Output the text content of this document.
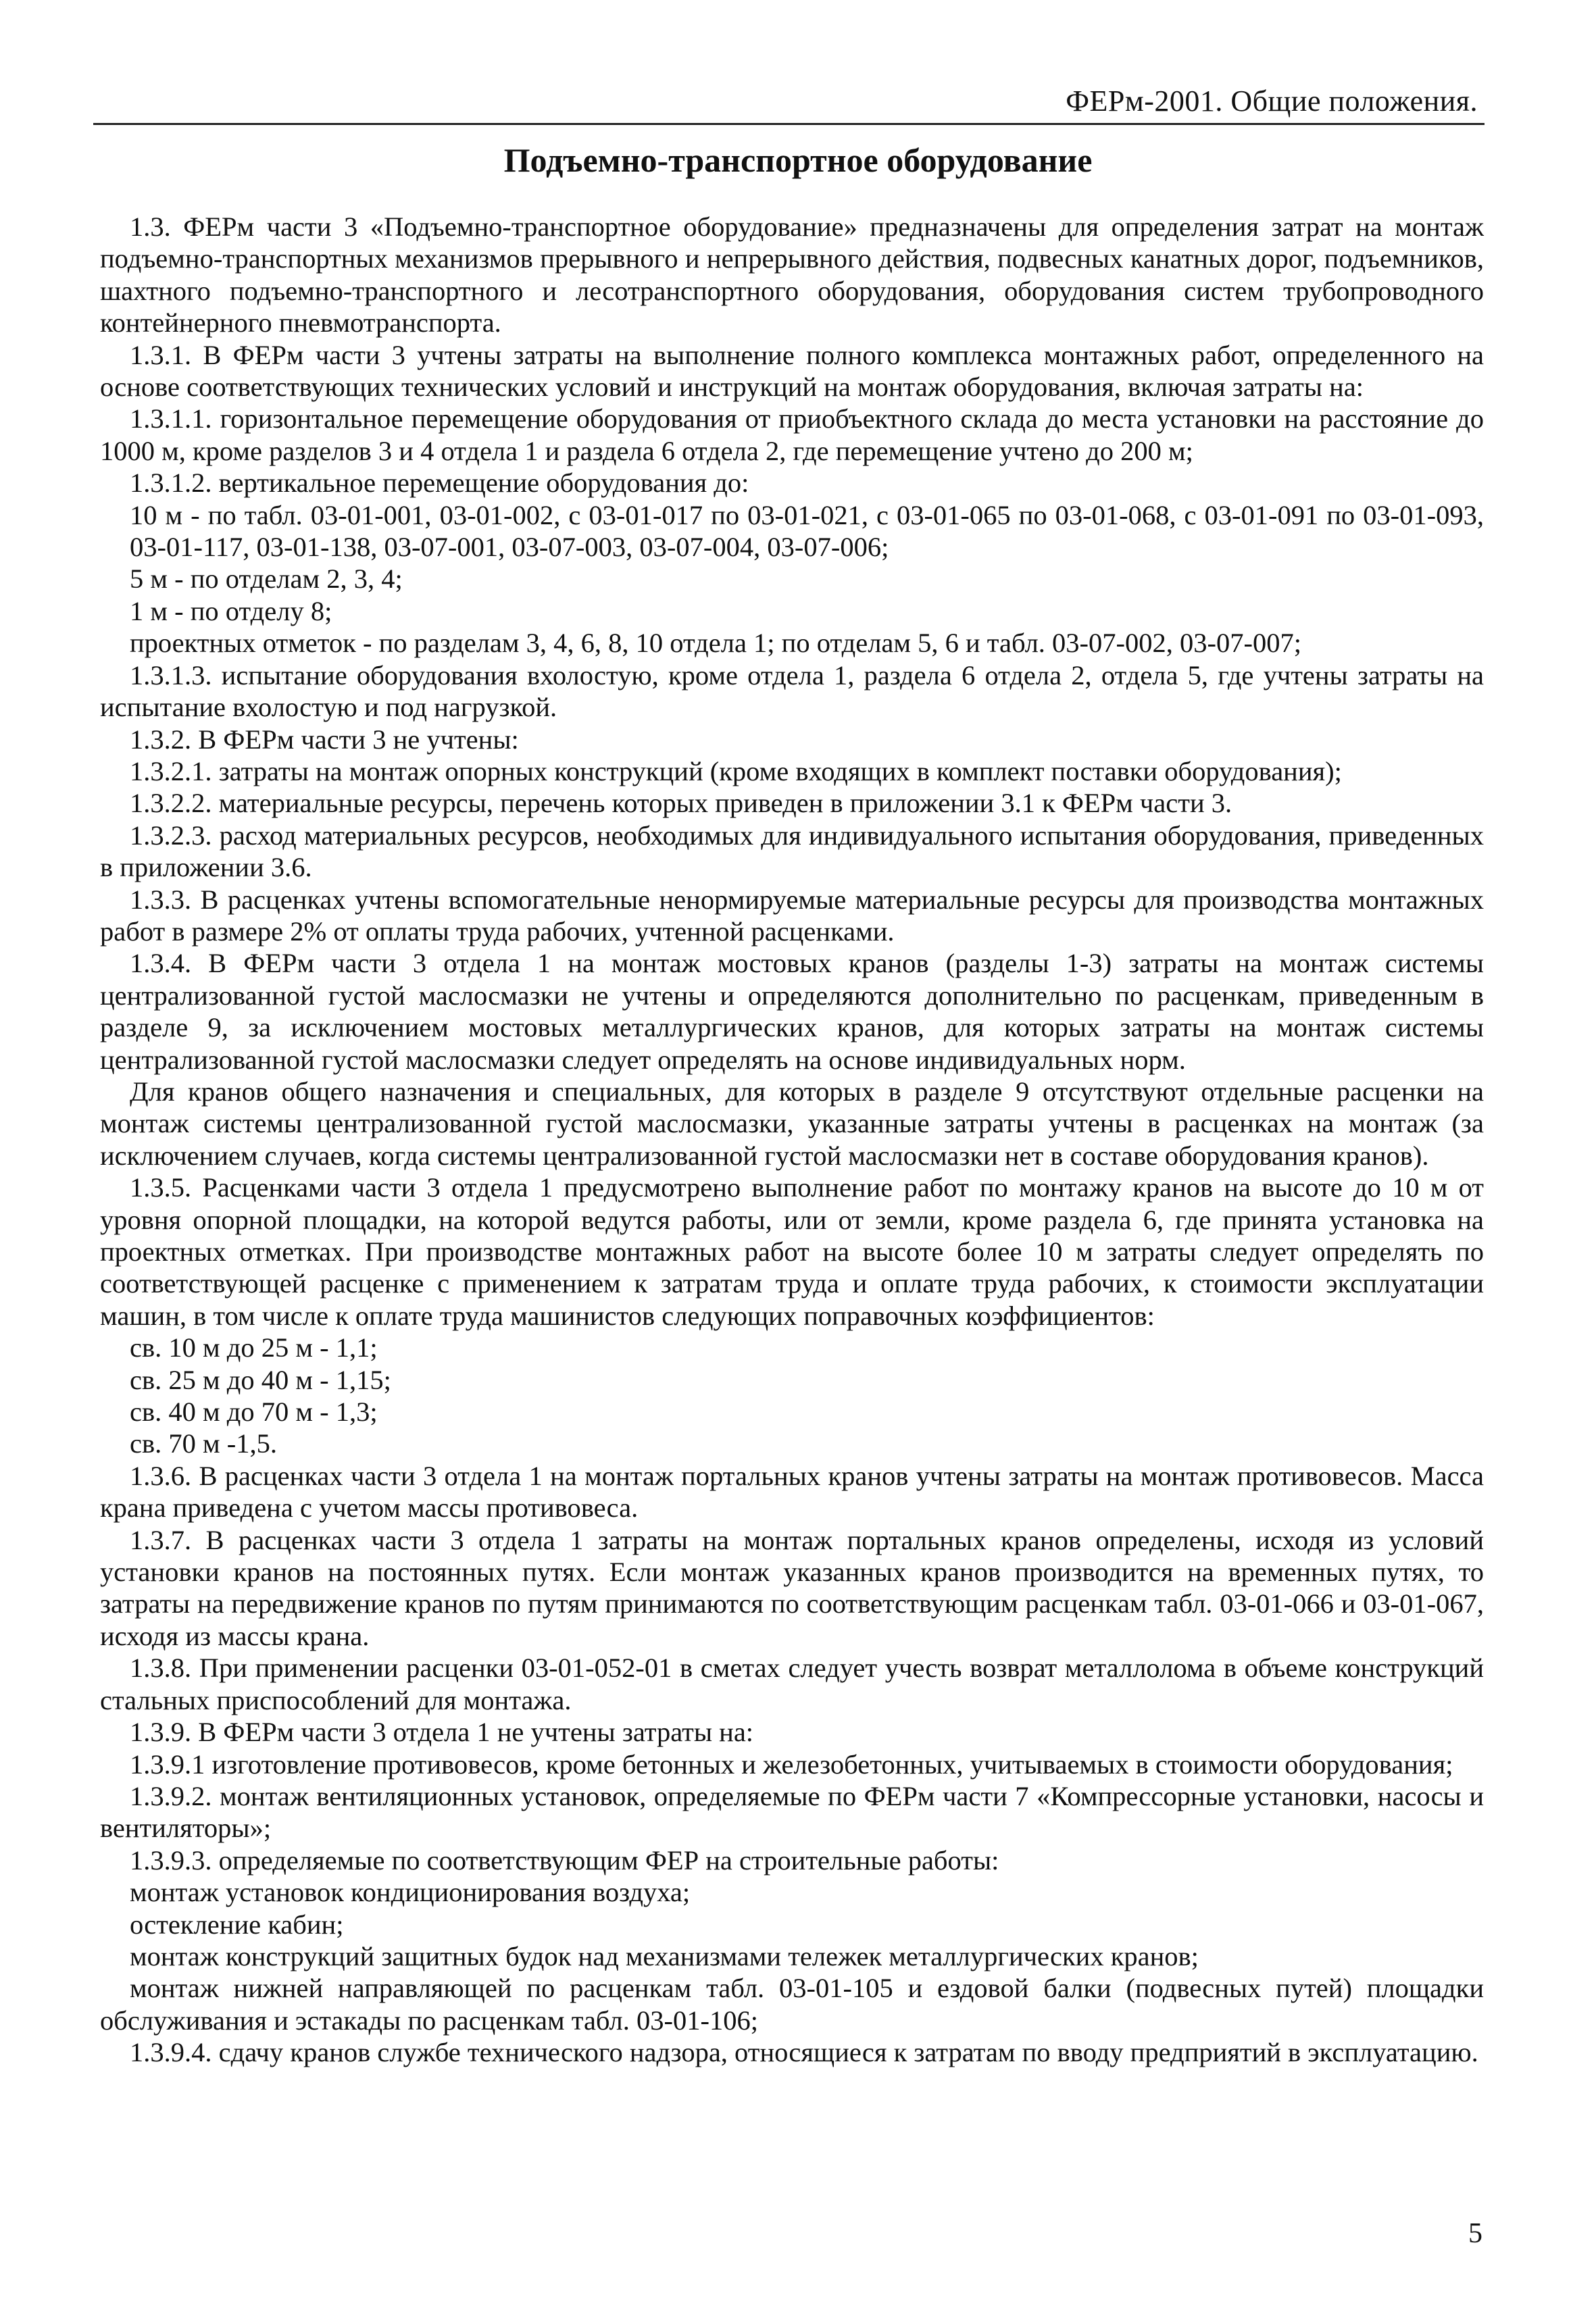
ФЕРм-2001. Общие положения.
Подъемно-транспортное оборудование

1.3. ФЕРм части 3 «Подъемно-транспортное оборудование» предназначены для определения затрат на монтаж подъемно-транспортных механизмов прерывного и непрерывного действия, подвесных канатных дорог, подъемников, шахтного подъемно-транспортного и лесотранспортного оборудования, оборудования систем трубопроводного контейнерного пневмотранспорта.

1.3.1. В ФЕРм части 3 учтены затраты на выполнение полного комплекса монтажных работ, определенного на основе соответствующих технических условий и инструкций на монтаж оборудования, включая затраты на:

1.3.1.1. горизонтальное перемещение оборудования от приобъектного склада до места установки на расстояние до 1000 м, кроме разделов 3 и 4 отдела 1 и раздела 6 отдела 2, где перемещение учтено до 200 м;

1.3.1.2. вертикальное перемещение оборудования до:

10 м - по табл. 03-01-001, 03-01-002, с 03-01-017 по 03-01-021, с 03-01-065 по 03-01-068, с 03-01-091 по 03-01-093, 03-01-117, 03-01-138, 03-07-001, 03-07-003, 03-07-004, 03-07-006;

5 м - по отделам 2, 3, 4;

1 м - по отделу 8;

проектных отметок - по разделам 3, 4, 6, 8, 10 отдела 1; по отделам 5, 6 и табл. 03-07-002, 03-07-007;

1.3.1.3. испытание оборудования вхолостую, кроме отдела 1, раздела 6 отдела 2, отдела 5, где учтены затраты на испытание вхолостую и под нагрузкой.

1.3.2. В ФЕРм части 3 не учтены:

1.3.2.1. затраты на монтаж опорных конструкций (кроме входящих в комплект поставки оборудования);

1.3.2.2. материальные ресурсы, перечень которых приведен в приложении 3.1 к ФЕРм части 3.

1.3.2.3. расход материальных ресурсов, необходимых для индивидуального испытания оборудования, приведенных в приложении 3.6.

1.3.3. В расценках учтены вспомогательные ненормируемые материальные ресурсы для производства монтажных работ в размере 2% от оплаты труда рабочих, учтенной расценками.

1.3.4. В ФЕРм части 3 отдела 1 на монтаж мостовых кранов (разделы 1-3) затраты на монтаж системы централизованной густой маслосмазки не учтены и определяются дополнительно по расценкам, приведенным в разделе 9, за исключением мостовых металлургических кранов, для которых затраты на монтаж системы централизованной густой маслосмазки следует определять на основе индивидуальных норм.

Для кранов общего назначения и специальных, для которых в разделе 9 отсутствуют отдельные расценки на монтаж системы централизованной густой маслосмазки, указанные затраты учтены в расценках на монтаж (за исключением случаев, когда системы централизованной густой маслосмазки нет в составе оборудования кранов).

1.3.5. Расценками части 3 отдела 1 предусмотрено выполнение работ по монтажу кранов на высоте до 10 м от уровня опорной площадки, на которой ведутся работы, или от земли, кроме раздела 6, где принята установка на проектных отметках. При производстве монтажных работ на высоте более 10 м затраты следует определять по соответствующей расценке с применением к затратам труда и оплате труда рабочих, к стоимости эксплуатации машин, в том числе к оплате труда машинистов следующих поправочных коэффициентов:

св. 10 м до 25 м - 1,1;

св. 25 м до 40 м - 1,15;

св. 40 м до 70 м - 1,3;

св. 70 м -1,5.

1.3.6. В расценках части 3 отдела 1 на монтаж портальных кранов учтены затраты на монтаж противовесов. Масса крана приведена с учетом массы противовеса.

1.3.7. В расценках части 3 отдела 1 затраты на монтаж портальных кранов определены, исходя из условий установки кранов на постоянных путях. Если монтаж указанных кранов производится на временных путях, то затраты на передвижение кранов по путям принимаются по соответствующим расценкам табл. 03-01-066 и 03-01-067, исходя из массы крана.

1.3.8. При применении расценки 03-01-052-01 в сметах следует учесть возврат металлолома в объеме конструкций стальных приспособлений для монтажа.

1.3.9. В ФЕРм части 3 отдела 1 не учтены затраты на:

1.3.9.1 изготовление противовесов, кроме бетонных и железобетонных, учитываемых в стоимости оборудования;

1.3.9.2. монтаж вентиляционных установок, определяемые по ФЕРм части 7 «Компрессорные установки, насосы и вентиляторы»;

1.3.9.3. определяемые по соответствующим ФЕР на строительные работы:

монтаж установок кондиционирования воздуха;

остекление кабин;

монтаж конструкций защитных будок над механизмами тележек металлургических кранов;

монтаж нижней направляющей по расценкам табл. 03-01-105 и ездовой балки (подвесных путей) площадки обслуживания и эстакады по расценкам табл. 03-01-106;

1.3.9.4. сдачу кранов службе технического надзора, относящиеся к затратам по вводу предприятий в эксплуатацию.

5
